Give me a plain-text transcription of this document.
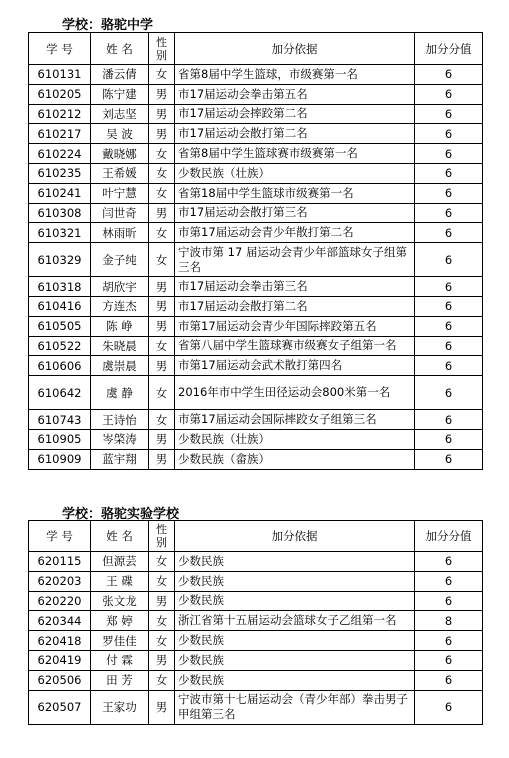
学校：骆驼中学
学 号	姓 名	性别	加分依据	加分分值
610131	潘云倩	女	省第8届中学生篮球，市级赛第一名	6
610205	陈宁建	男	市17届运动会拳击第五名	6
610212	刘志坚	男	市17届运动会摔跤第二名	6
610217	吴 波	男	市17届运动会散打第二名	6
610224	戴晓娜	女	省第8届中学生篮球赛市级赛第一名	6
610235	王希媛	女	少数民族（壮族）	6
610241	叶宁慧	女	省第18届中学生篮球市级赛第一名	6
610308	闫世奇	男	市17届运动会散打第三名	6
610321	林雨昕	女	市第17届运动会青少年散打第二名	6
610329	金子纯	女	宁波市第 17 届运动会青少年部篮球女子组第三名	6
610318	胡欣宇	男	市17届运动会拳击第三名	6
610416	方连杰	男	市17届运动会散打第二名	6
610505	陈 峥	男	市第17届运动会青少年国际摔跤第五名	6
610522	朱晓晨	女	省第八届中学生篮球赛市级赛女子组第一名	6
610606	虞崇晨	男	市第17届运动会武术散打第四名	6
610642	虞 静	女	2016年市中学生田径运动会800米第一名	6
610743	王诗怡	女	市第17届运动会国际摔跤女子组第三名	6
610905	岑棨涛	男	少数民族（壮族）	6
610909	蓝宇翔	男	少数民族（畲族）	6
学校：骆驼实验学校
学 号	姓 名	性别	加分依据	加分分值
620115	但源芸	女	少数民族	6
620203	王 碟	女	少数民族	6
620220	张文龙	男	少数民族	6
620344	郑 婷	女	浙江省第十五届运动会篮球女子乙组第一名	8
620418	罗佳佳	女	少数民族	6
620419	付 霖	男	少数民族	6
620506	田 芳	女	少数民族	6
620507	王家功	男	宁波市第十七届运动会（青少年部）拳击男子甲组第三名	6
